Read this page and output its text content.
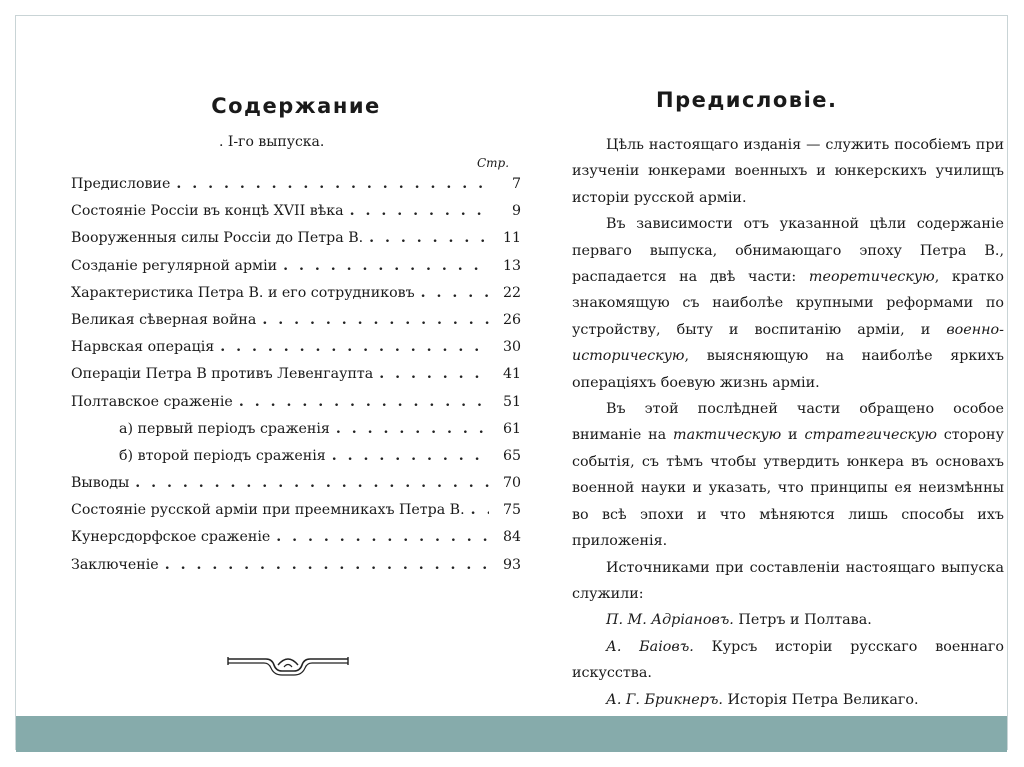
Содержание
. I-го выпуска.
Стр.
Предисловие . . .	7
Состояніе Россіи въ концѣ XVII вѣка . . .	9
Вооруженныя силы Россіи до Петра В. . . .	11
Созданіе регулярной арміи . . .	13
Характеристика Петра В. и его сотрудниковъ . . .	22
Великая сѣверная война . . .	26
Нарвская операція . . .	30
Операціи Петра В противъ Левенгаупта . . .	41
Полтавское сраженіе . . .	51
а) первый періодъ сраженія . . .	61
б) второй періодъ сраженія . . .	65
Выводы . . .	70
Состояніе русской арміи при преемникахъ Петра В. . . .	75
Кунерсдорфское сраженіе . . .	84
Заключеніе . . .	93
Предисловіе.

Цѣль настоящаго изданія — служить пособіемъ при изученіи юнкерами военныхъ и юнкерскихъ училищъ исторіи русской арміи.

Въ зависимости отъ указанной цѣли содержаніе перваго выпуска, обнимающаго эпоху Петра В., распадается на двѣ части: теоретическую, кратко знакомящую съ наиболѣе крупными реформами по устройству, быту и воспитанію арміи, и военно-историческую, выясняющую на наиболѣе яркихъ операціяхъ боевую жизнь арміи.

Въ этой послѣдней части обращено особое вниманіе на тактическую и стратегическую сторону событія, съ тѣмъ чтобы утвердить юнкера въ основахъ военной науки и указать, что принципы ея неизмѣнны во всѣ эпохи и что мѣняются лишь способы ихъ приложенія.

Источниками при составленіи настоящаго выпуска служили:

П. М. Адріановъ. Петръ и Полтава.

А. Баіовъ. Курсъ исторіи русскаго военнаго искусства.

А. Г. Брикнеръ. Исторія Петра Великаго.
